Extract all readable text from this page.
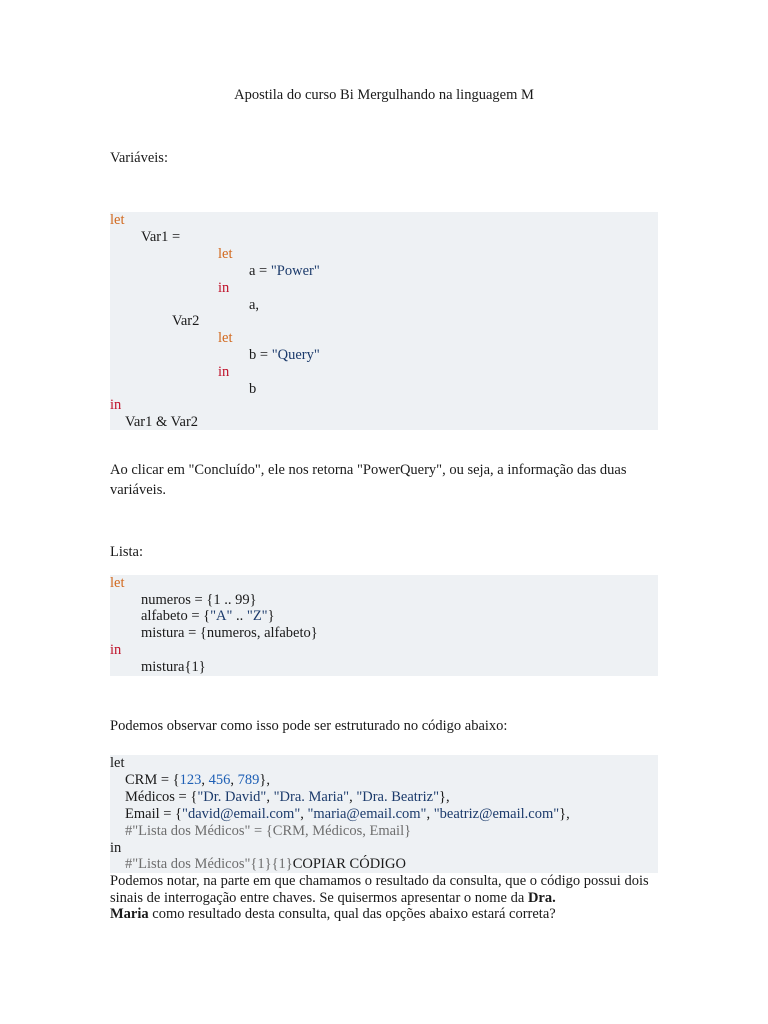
Apostila do curso Bi Mergulhando na linguagem M
Variáveis:
let
Var1 =
let
a = "Power"
in
a,
Var2
let
b = "Query"
in
b
in
Var1 & Var2
Ao clicar em "Concluído", ele nos retorna "PowerQuery", ou seja, a informação das duas variáveis.
Lista:
let
numeros = {1 .. 99}
alfabeto = {"A" .. "Z"}
mistura = {numeros, alfabeto}
in
mistura{1}
Podemos observar como isso pode ser estruturado no código abaixo:
let
CRM = {123, 456, 789},
Médicos = {"Dr. David", "Dra. Maria", "Dra. Beatriz"},
Email = {"david@email.com", "maria@email.com", "beatriz@email.com"},
#"Lista dos Médicos" = {CRM, Médicos, Email}
in
#"Lista dos Médicos"{1}{1}COPIAR CÓDIGO
Podemos notar, na parte em que chamamos o resultado da consulta, que o código possui dois sinais de interrogação entre chaves. Se quisermos apresentar o nome da Dra.
Maria como resultado desta consulta, qual das opções abaixo estará correta?
